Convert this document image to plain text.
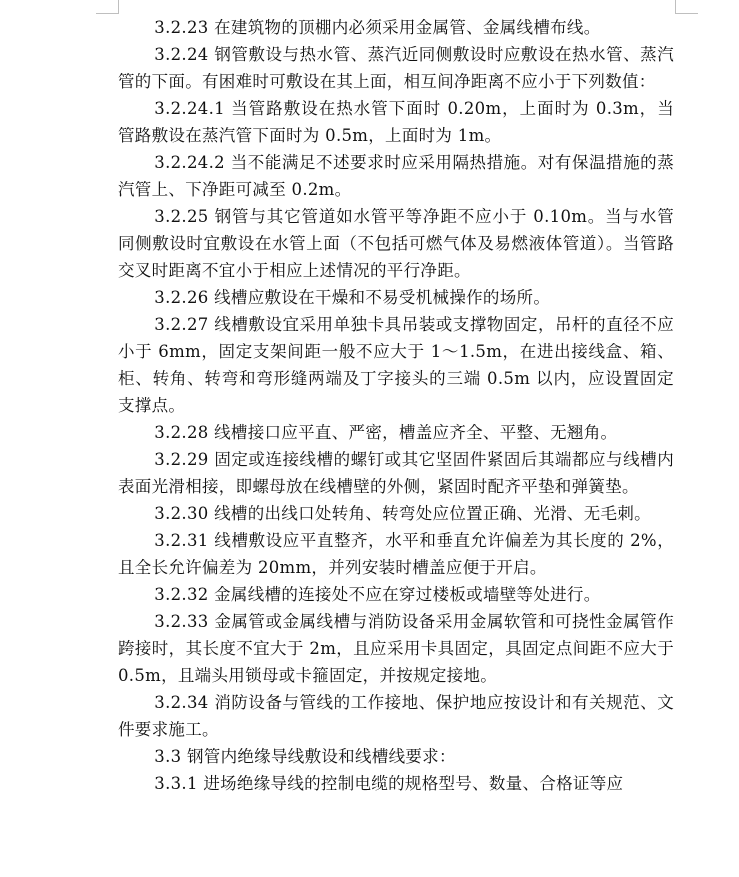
3.2.23 在建筑物的顶棚内必须采用金属管、金属线槽布线。

3.2.24 钢管敷设与热水管、蒸汽近同侧敷设时应敷设在热水管、蒸汽管的下面。有困难时可敷设在其上面，相互间净距离不应小于下列数值：

3.2.24.1 当管路敷设在热水管下面时 0.20m，上面时为 0.3m，当管路敷设在蒸汽管下面时为 0.5m，上面时为 1m。

3.2.24.2 当不能满足不述要求时应采用隔热措施。对有保温措施的蒸汽管上、下净距可减至 0.2m。

3.2.25 钢管与其它管道如水管平等净距不应小于 0.10m。当与水管同侧敷设时宜敷设在水管上面（不包括可燃气体及易燃液体管道）。当管路交叉时距离不宜小于相应上述情况的平行净距。

3.2.26 线槽应敷设在干燥和不易受机械操作的场所。

3.2.27 线槽敷设宜采用单独卡具吊装或支撑物固定，吊杆的直径不应小于 6mm，固定支架间距一般不应大于 1～1.5m，在进出接线盒、箱、柜、转角、转弯和弯形缝两端及丁字接头的三端 0.5m 以内，应设置固定支撑点。

3.2.28 线槽接口应平直、严密，槽盖应齐全、平整、无翘角。

3.2.29 固定或连接线槽的螺钉或其它坚固件紧固后其端都应与线槽内表面光滑相接，即螺母放在线槽壁的外侧，紧固时配齐平垫和弹簧垫。

3.2.30 线槽的出线口处转角、转弯处应位置正确、光滑、无毛刺。

3.2.31 线槽敷设应平直整齐，水平和垂直允许偏差为其长度的 2%，且全长允许偏差为 20mm，并列安装时槽盖应便于开启。

3.2.32 金属线槽的连接处不应在穿过楼板或墙壁等处进行。

3.2.33 金属管或金属线槽与消防设备采用金属软管和可挠性金属管作跨接时，其长度不宜大于 2m，且应采用卡具固定，具固定点间距不应大于 0.5m，且端头用锁母或卡箍固定，并按规定接地。

3.2.34 消防设备与管线的工作接地、保护地应按设计和有关规范、文件要求施工。

3.3 钢管内绝缘导线敷设和线槽线要求：

3.3.1 进场绝缘导线的控制电缆的规格型号、数量、合格证等应
